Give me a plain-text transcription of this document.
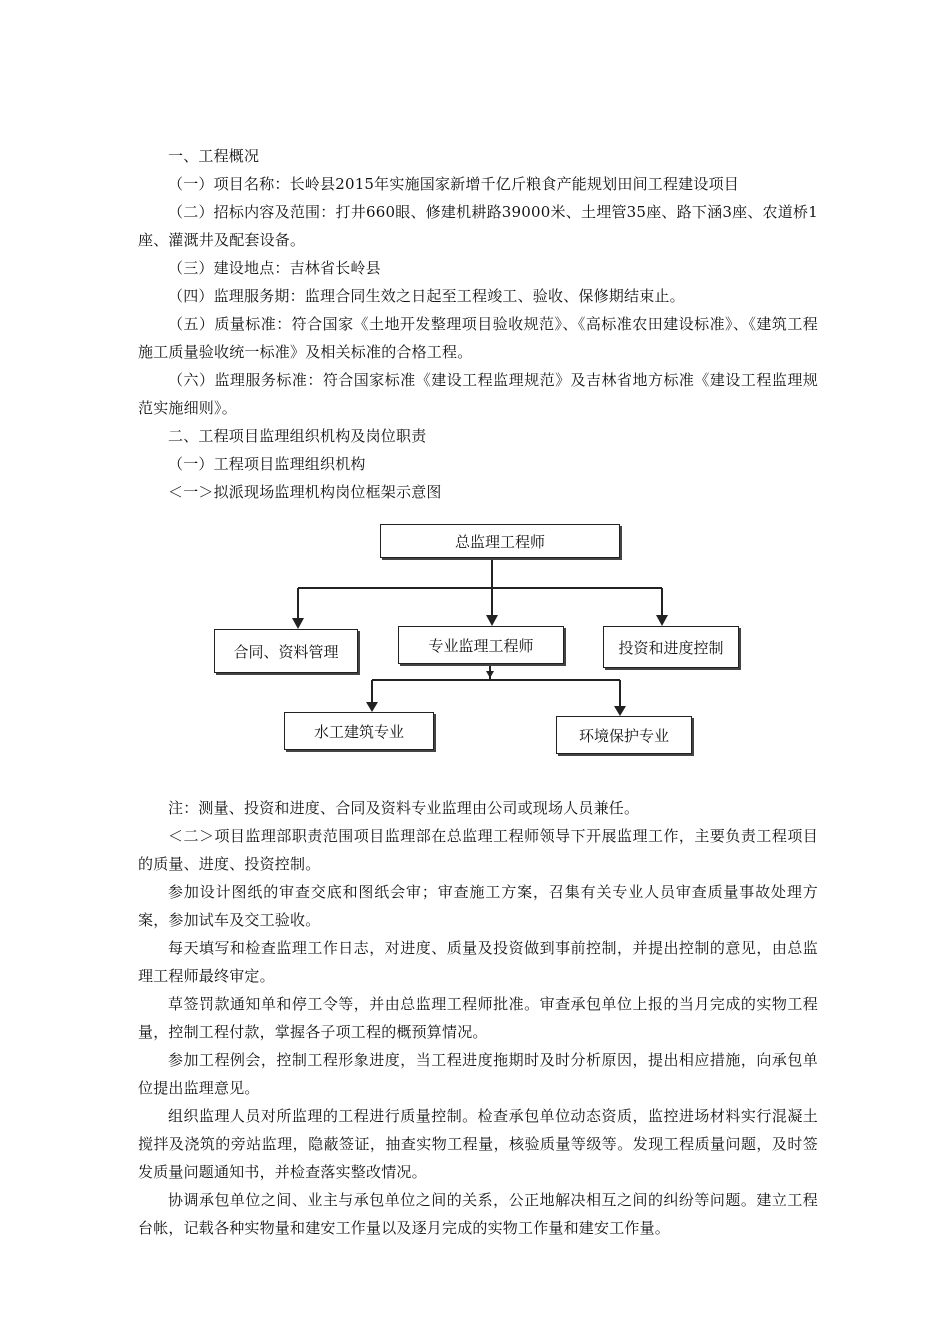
一、工程概况

（一）项目名称：长岭县2015年实施国家新增千亿斤粮食产能规划田间工程建设项目

（二）招标内容及范围：打井660眼、修建机耕路39000米、土埋管35座、路下涵3座、农道桥1座、灌溉井及配套设备。

（三）建设地点：吉林省长岭县

（四）监理服务期：监理合同生效之日起至工程竣工、验收、保修期结束止。

（五）质量标准：符合国家《土地开发整理项目验收规范》、《高标准农田建设标准》、《建筑工程施工质量验收统一标准》及相关标准的合格工程。

（六）监理服务标准：符合国家标准《建设工程监理规范》及吉林省地方标准《建设工程监理规范实施细则》。

二、工程项目监理组织机构及岗位职责

（一）工程项目监理组织机构

＜一＞拟派现场监理机构岗位框架示意图

总监理工程师
合同、资料管理	专业监理工程师	投资和进度控制
水工建筑专业	环境保护专业

注：测量、投资和进度、合同及资料专业监理由公司或现场人员兼任。

＜二＞项目监理部职责范围项目监理部在总监理工程师领导下开展监理工作，主要负责工程项目的质量、进度、投资控制。

参加设计图纸的审查交底和图纸会审；审查施工方案，召集有关专业人员审查质量事故处理方案，参加试车及交工验收。

每天填写和检查监理工作日志，对进度、质量及投资做到事前控制，并提出控制的意见，由总监理工程师最终审定。

草签罚款通知单和停工令等，并由总监理工程师批准。审查承包单位上报的当月完成的实物工程量，控制工程付款，掌握各子项工程的概预算情况。

参加工程例会，控制工程形象进度，当工程进度拖期时及时分析原因，提出相应措施，向承包单位提出监理意见。

组织监理人员对所监理的工程进行质量控制。检查承包单位动态资质，监控进场材料实行混凝土搅拌及浇筑的旁站监理，隐蔽签证，抽查实物工程量，核验质量等级等。发现工程质量问题，及时签发质量问题通知书，并检查落实整改情况。

协调承包单位之间、业主与承包单位之间的关系，公正地解决相互之间的纠纷等问题。建立工程台帐，记载各种实物量和建安工作量以及逐月完成的实物工作量和建安工作量。
